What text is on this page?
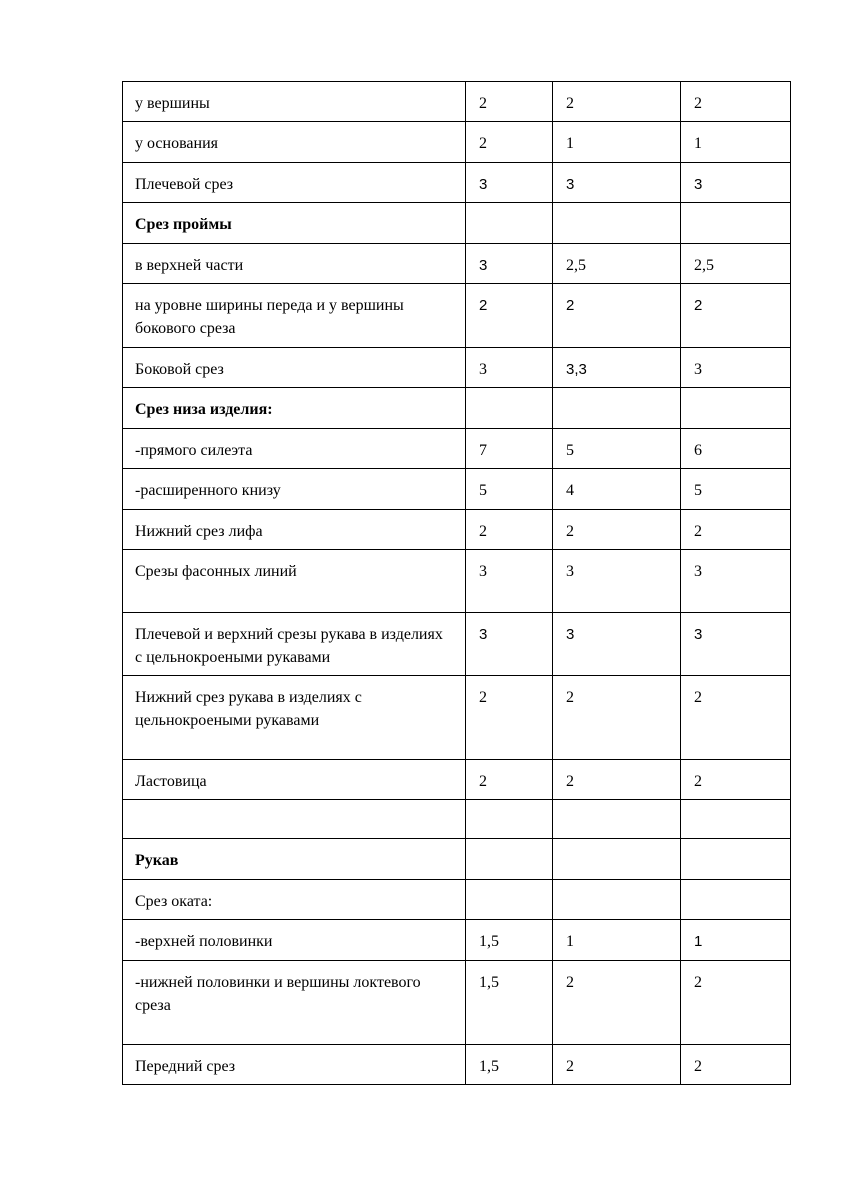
у вершины	2	2	2
у основания	2	1	1
Плечевой срез	3	3	3
Срез проймы			
в верхней части	3	2,5	2,5
на уровне ширины переда и у вершины бокового среза	2	2	2
Боковой срез	3	3,3	3
Срез низа изделия:			
-прямого силеэта	7	5	6
-расширенного книзу	5	4	5
Нижний срез лифа	2	2	2
Срезы фасонных линий	3	3	3
Плечевой и верхний срезы рукава в изделиях с цельнокроеными рукавами	3	3	3
Нижний срез рукава в изделиях с цельнокроеными рукавами	2	2	2
Ластовица	2	2	2

Рукав			
Срез оката:			
-верхней половинки	1,5	1	1
-нижней половинки и вершины локтевого среза	1,5	2	2
Передний срез	1,5	2	2
